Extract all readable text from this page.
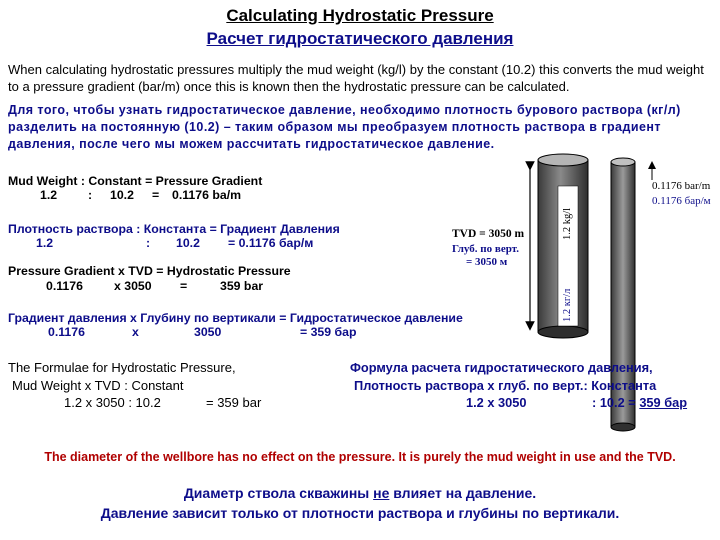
Calculating Hydrostatic Pressure
Расчет гидростатического давления

When calculating hydrostatic pressures multiply the mud weight (kg/l) by the constant (10.2) this converts the mud weight to a pressure gradient (bar/m) once this is known then the hydrostatic pressure can be calculated.

Для того, чтобы узнать гидростатическое давление, необходимо плотность бурового раствора (кг/л) разделить на постоянную (10.2) – таким образом мы преобразуем плотность раствора в градиент давления, после чего мы можем рассчитать гидростатическое давление.

1.2 kg/l
1.2 кг/л
TVD = 3050 m
Глуб. по верт.
= 3050 м
0.1176 bar/m
0.1176 бар/м
Mud Weight : Constant = Pressure Gradient
1.2	: 10.2 = 0.1176 ba/m
Плотность раствора : Константа = Градиент Давления
1.2	: 10.2 = 0.1176 бар/м
Pressure Gradient x TVD = Hydrostatic Pressure
0.1176	x 3050 =	359 bar
Градиент давления x Глубину по вертикали = Гидростатическое давление
0.1176	x	3050	= 359 бар
The Formulae for Hydrostatic Pressure,
Mud Weight x TVD : Constant
1.2 x 3050 : 10.2	= 359 bar
Формула расчета гидростатического давления,
Плотность раствора x глуб. по верт.: Константа
1.2 x 3050	: 10.2 = 359 бар
The diameter of the wellbore has no effect on the pressure. It is purely the mud weight in use and the TVD.
Диаметр ствола скважины не влияет на давление.
Давление зависит только от плотности раствора и глубины по вертикали.
